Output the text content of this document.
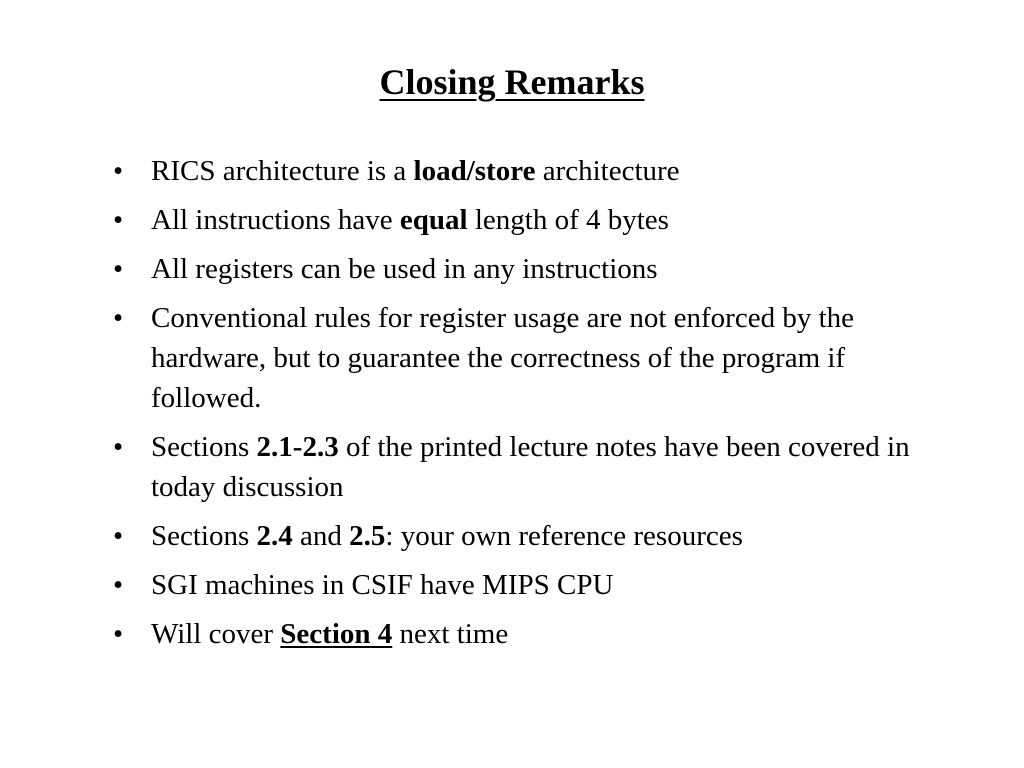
Closing Remarks
• RICS architecture is a load/store architecture
• All instructions have equal length of 4 bytes
• All registers can be used in any instructions
• Conventional rules for register usage are not enforced by the hardware, but to guarantee the correctness of the program if followed.
• Sections 2.1-2.3 of the printed lecture notes have been covered in today discussion
• Sections 2.4 and 2.5: your own reference resources
• SGI machines in CSIF have MIPS CPU
• Will cover Section 4 next time
